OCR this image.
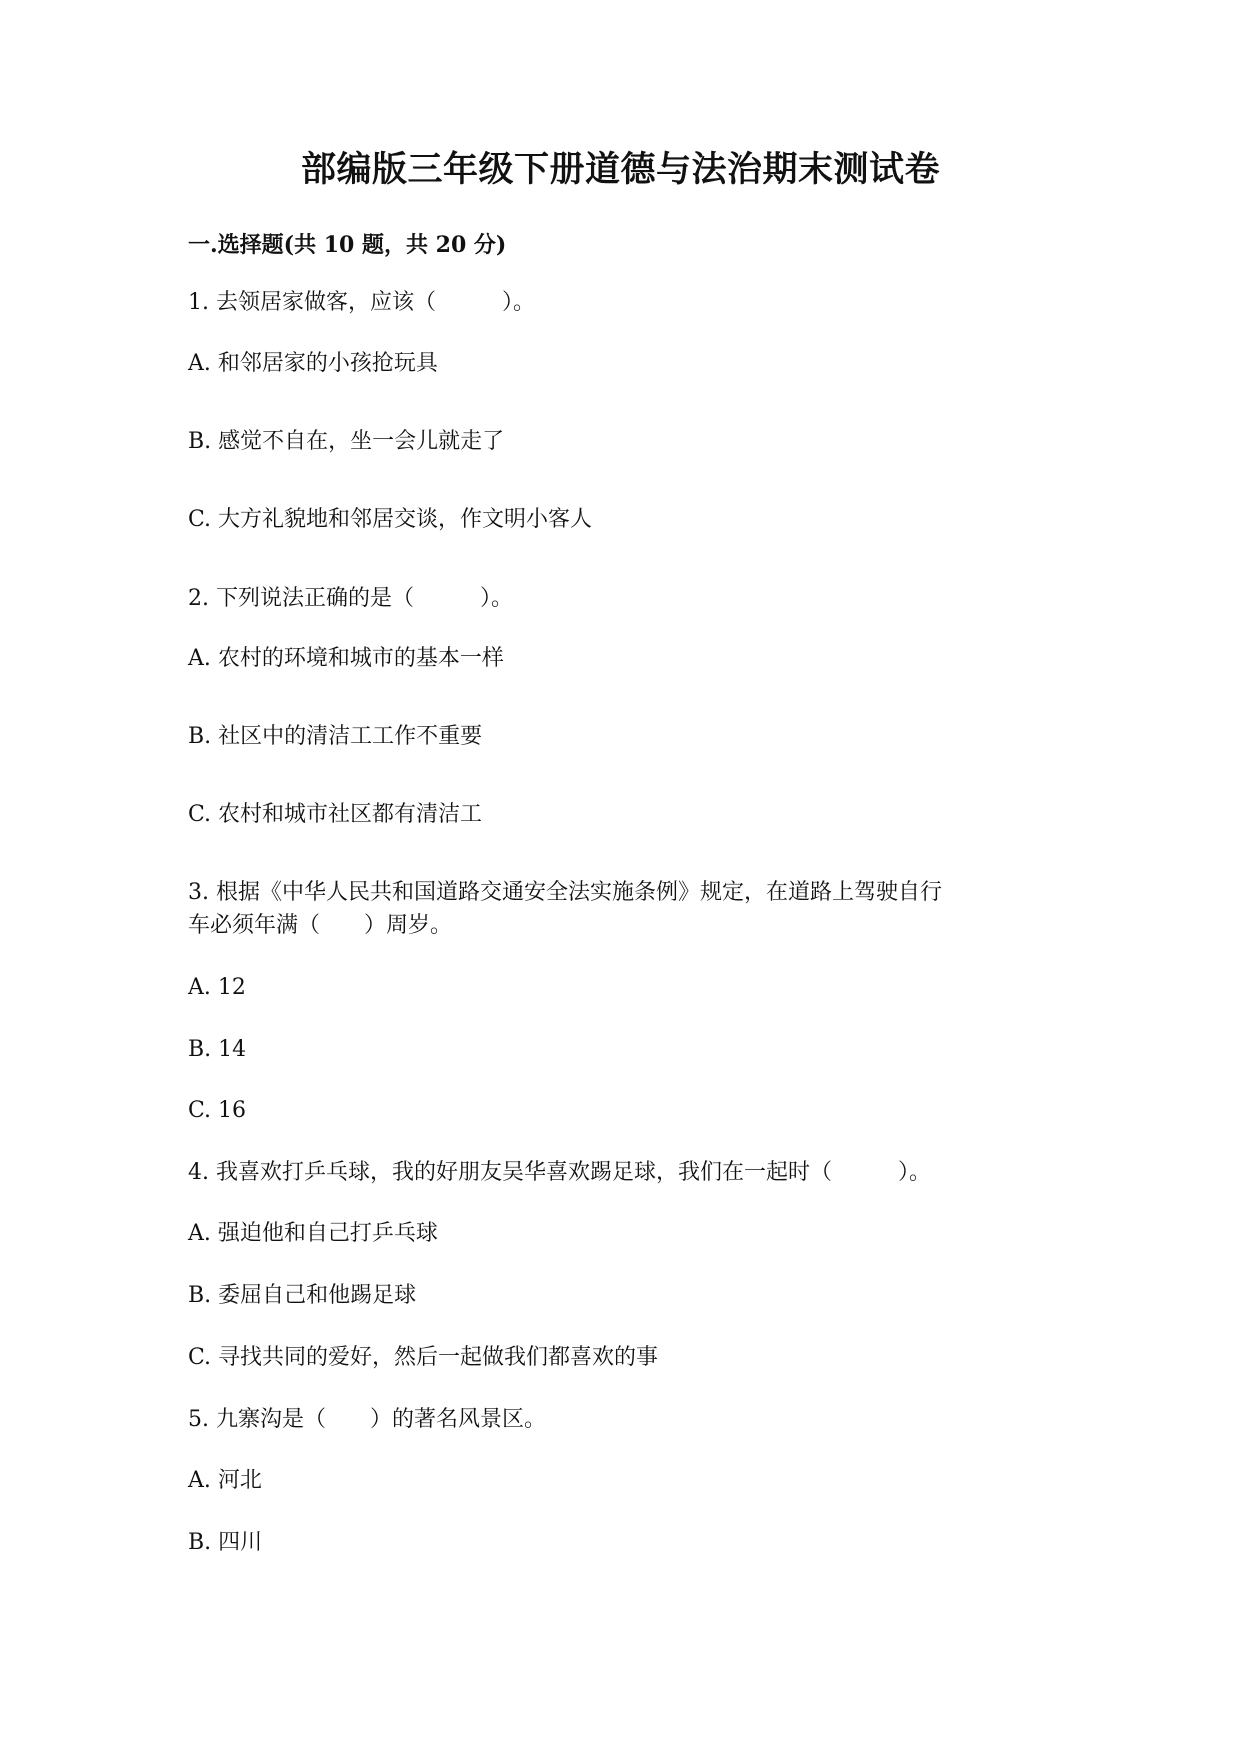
部编版三年级下册道德与法治期末测试卷
一.选择题(共 10 题，共 20 分)
1. 去领居家做客，应该（　　　）。
A. 和邻居家的小孩抢玩具
B. 感觉不自在，坐一会儿就走了
C. 大方礼貌地和邻居交谈，作文明小客人
2. 下列说法正确的是（　　　）。
A. 农村的环境和城市的基本一样
B. 社区中的清洁工工作不重要
C. 农村和城市社区都有清洁工
3. 根据《中华人民共和国道路交通安全法实施条例》规定，在道路上驾驶自行
车必须年满（　　）周岁。
A. 12
B. 14
C. 16
4. 我喜欢打乒乓球，我的好朋友吴华喜欢踢足球，我们在一起时（　　　）。
A. 强迫他和自己打乒乓球
B. 委屈自己和他踢足球
C. 寻找共同的爱好，然后一起做我们都喜欢的事
5. 九寨沟是（　　）的著名风景区。
A. 河北
B. 四川
